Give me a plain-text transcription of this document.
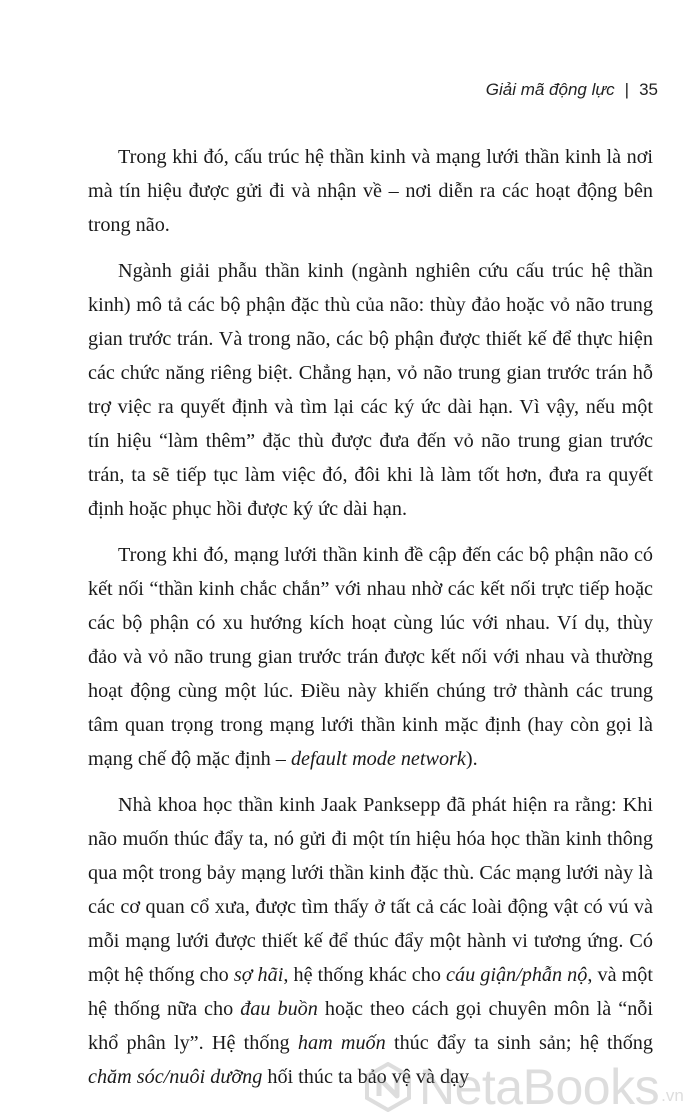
Giải mã động lực | 35

Trong khi đó, cấu trúc hệ thần kinh và mạng lưới thần kinh là nơi mà tín hiệu được gửi đi và nhận về – nơi diễn ra các hoạt động bên trong não.

Ngành giải phẫu thần kinh (ngành nghiên cứu cấu trúc hệ thần kinh) mô tả các bộ phận đặc thù của não: thùy đảo hoặc vỏ não trung gian trước trán. Và trong não, các bộ phận được thiết kế để thực hiện các chức năng riêng biệt. Chẳng hạn, vỏ não trung gian trước trán hỗ trợ việc ra quyết định và tìm lại các ký ức dài hạn. Vì vậy, nếu một tín hiệu “làm thêm” đặc thù được đưa đến vỏ não trung gian trước trán, ta sẽ tiếp tục làm việc đó, đôi khi là làm tốt hơn, đưa ra quyết định hoặc phục hồi được ký ức dài hạn.

Trong khi đó, mạng lưới thần kinh đề cập đến các bộ phận não có kết nối “thần kinh chắc chắn” với nhau nhờ các kết nối trực tiếp hoặc các bộ phận có xu hướng kích hoạt cùng lúc với nhau. Ví dụ, thùy đảo và vỏ não trung gian trước trán được kết nối với nhau và thường hoạt động cùng một lúc. Điều này khiến chúng trở thành các trung tâm quan trọng trong mạng lưới thần kinh mặc định (hay còn gọi là mạng chế độ mặc định – default mode network).

Nhà khoa học thần kinh Jaak Panksepp đã phát hiện ra rằng: Khi não muốn thúc đẩy ta, nó gửi đi một tín hiệu hóa học thần kinh thông qua một trong bảy mạng lưới thần kinh đặc thù. Các mạng lưới này là các cơ quan cổ xưa, được tìm thấy ở tất cả các loài động vật có vú và mỗi mạng lưới được thiết kế để thúc đẩy một hành vi tương ứng. Có một hệ thống cho sợ hãi, hệ thống khác cho cáu giận/phẫn nộ, và một hệ thống nữa cho đau buồn hoặc theo cách gọi chuyên môn là “nỗi khổ phân ly”. Hệ thống ham muốn thúc đẩy ta sinh sản; hệ thống chăm sóc/nuôi dưỡng hối thúc ta bảo vệ và dạy

NetaBooks .vn
